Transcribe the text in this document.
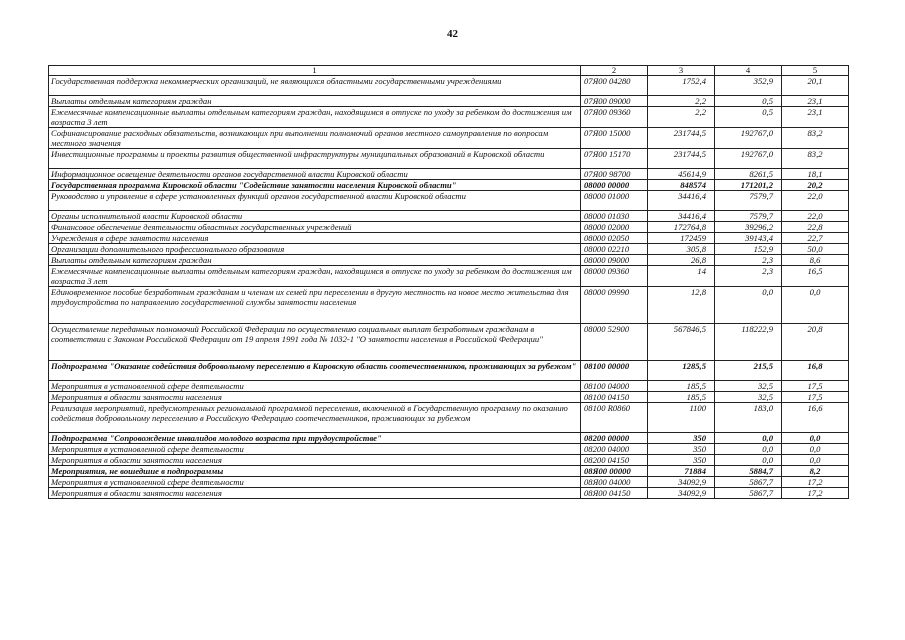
42
1	2	3	4	5
Государственная поддержка некоммерческих организаций, не являющихся областными государственными учреждениями	07Я00 04280	1752,4	352,9	20,1
Выплаты отдельным категориям граждан	07Я00 09000	2,2	0,5	23,1
Ежемесячные компенсационные выплаты отдельным категориям граждан, находящимся в отпуске по уходу за ребенком до достижения им возраста 3 лет	07Я00 09360	2,2	0,5	23,1
Софинансирование расходных обязательств, возникающих при выполнении полномочий органов местного самоуправления по вопросам местного значения	07Я00 15000	231744,5	192767,0	83,2
Инвестиционные программы и проекты развития общественной инфраструктуры муниципальных образований в Кировской области	07Я00 15170	231744,5	192767,0	83,2
Информационное освещение деятельности органов государственной власти Кировской области	07Я00 98700	45614,9	8261,5	18,1
Государственная программа Кировской области "Содействие занятости населения Кировской области"	08000 00000	848574	171201,2	20,2
Руководство и управление в сфере установленных функций органов государственной власти Кировской области	08000 01000	34416,4	7579,7	22,0
Органы исполнительной власти Кировской области	08000 01030	34416,4	7579,7	22,0
Финансовое обеспечение деятельности областных государственных учреждений	08000 02000	172764,8	39296,2	22,8
Учреждения в сфере занятости населения	08000 02050	172459	39143,4	22,7
Организации дополнительного профессионального образования	08000 02210	305,8	152,9	50,0
Выплаты отдельным категориям граждан	08000 09000	26,8	2,3	8,6
Ежемесячные компенсационные выплаты отдельным категориям граждан, находящимся в отпуске по уходу за ребенком до достижения им возраста 3 лет	08000 09360	14	2,3	16,5
Единовременное пособие безработным гражданам и членам их семей при переселении в другую местность на новое место жительства для трудоустройства по направлению государственной службы занятости населения	08000 09990	12,8	0,0	0,0
Осуществление переданных полномочий Российской Федерации по осуществлению социальных выплат безработным гражданам в соответствии с Законом Российской Федерации от 19 апреля 1991 года № 1032-1 "О занятости населения в Российской Федерации"	08000 52900	567846,5	118222,9	20,8
Подпрограмма "Оказание содействия добровольному переселению в Кировскую область соотечественников, проживающих за рубежом"	08100 00000	1285,5	215,5	16,8
Мероприятия в установленной сфере деятельности	08100 04000	185,5	32,5	17,5
Мероприятия в области занятости населения	08100 04150	185,5	32,5	17,5
Реализация мероприятий, предусмотренных региональной программой переселения, включенной в Государственную программу по оказанию содействия добровольному переселению в Российскую Федерацию соотечественников, проживающих за рубежом	08100 R0860	1100	183,0	16,6
Подпрограмма "Сопровождение инвалидов молодого возраста при трудоустройстве"	08200 00000	350	0,0	0,0
Мероприятия в установленной сфере деятельности	08200 04000	350	0,0	0,0
Мероприятия в области занятости населения	08200 04150	350	0,0	0,0
Мероприятия, не вошедшие в подпрограммы	08Я00 00000	71884	5884,7	8,2
Мероприятия в установленной сфере деятельности	08Я00 04000	34092,9	5867,7	17,2
Мероприятия в области занятости населения	08Я00 04150	34092,9	5867,7	17,2
